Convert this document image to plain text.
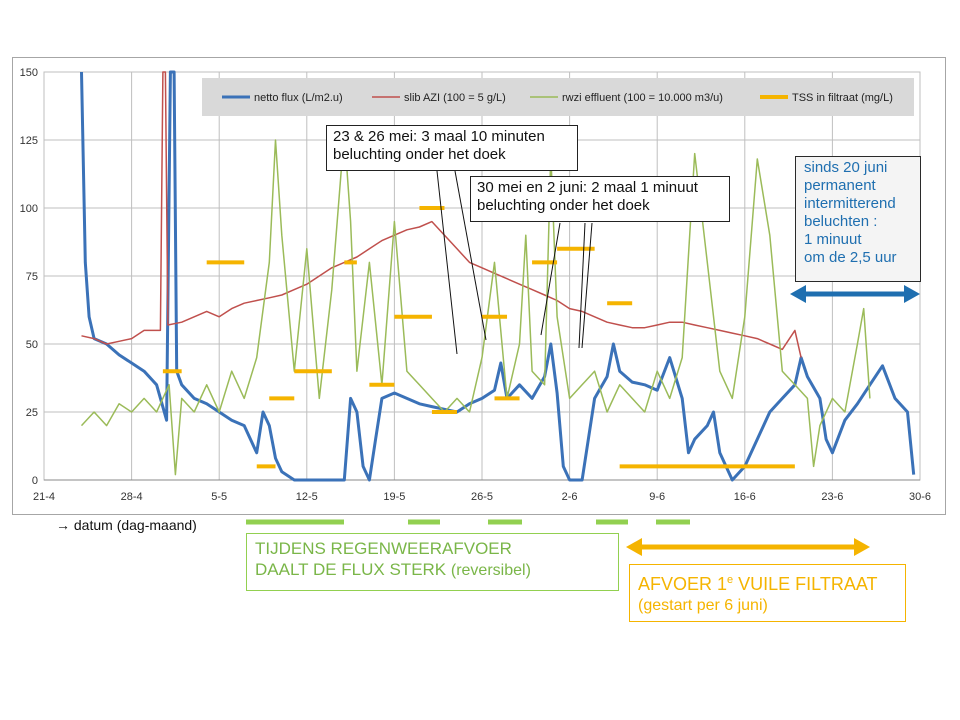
0
25
50
75
100
125
150
21-4	28-4	5-5	12-5	19-5	26-5	2-6	9-6	16-6	23-6	30-6
netto flux (L/m2.u)	slib AZI (100 = 5 g/L)	rwzi effluent (100 = 10.000 m3/u)	TSS in filtraat (mg/L)
23 & 26 mei: 3 maal 10 minuten
beluchting onder het doek
30 mei en 2 juni: 2 maal 1 minuut
beluchting onder het doek
sinds 20 juni
permanent
intermitterend
beluchten :
1 minuut
om de 2,5 uur
→ datum (dag-maand)
TIJDENS REGENWEERAFVOER
DAALT DE FLUX STERK (reversibel)
AFVOER 1e VUILE FILTRAAT
(gestart per 6 juni)
